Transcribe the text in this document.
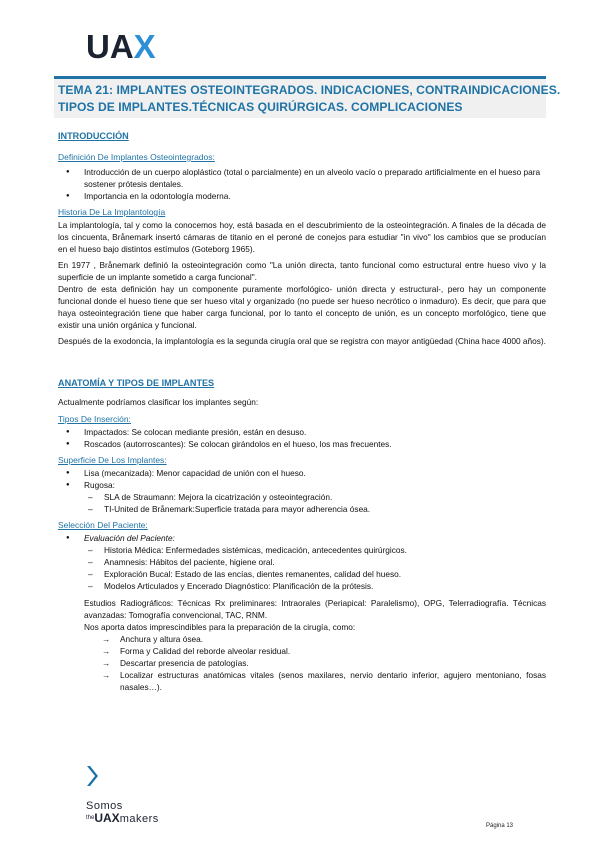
UAX
TEMA 21: IMPLANTES OSTEOINTEGRADOS. INDICACIONES, CONTRAINDICACIONES.
TIPOS DE IMPLANTES.TÉCNICAS QUIRÚRGICAS. COMPLICACIONES
INTRODUCCIÓN
Definición De Implantes Osteointegrados:
● Introducción de un cuerpo aloplástico (total o parcialmente) en un alveolo vacío o preparado artificialmente en el hueso para sostener prótesis dentales.
● Importancia en la odontología moderna.
Historia De La Implantología
La implantología, tal y como la conocemos hoy, está basada en el descubrimiento de la osteointegración. A finales de la década de los cincuenta, Brånemark insertó cámaras de titanio en el peroné de conejos para estudiar "in vivo" los cambios que se producían en el hueso bajo distintos estímulos (Goteborg 1965).
En 1977 , Brånemark definió la osteointegración como "La unión directa, tanto funcional como estructural entre hueso vivo y la superficie de un implante sometido a carga funcional".
Dentro de esta definición hay un componente puramente morfológico- unión directa y estructural-, pero hay un componente funcional donde el hueso tiene que ser hueso vital y organizado (no puede ser hueso necrótico o inmaduro). Es decir, que para que haya osteointegración tiene que haber carga funcional, por lo tanto el concepto de unión, es un concepto morfológico, tiene que existir una unión orgánica y funcional.
Después de la exodoncia, la implantología es la segunda cirugía oral que se registra con mayor antigüedad (China hace 4000 años).
ANATOMÍA Y TIPOS DE IMPLANTES
Actualmente podríamos clasificar los implantes según:
Tipos De Inserción:
● Impactados: Se colocan mediante presión, están en desuso.
● Roscados (autorroscantes): Se colocan girándolos en el hueso, los mas frecuentes.
Superficie De Los Implantes:
● Lisa (mecanizada): Menor capacidad de unión con el hueso.
● Rugosa:
– SLA de Straumann: Mejora la cicatrización y osteointegración.
– TI-United de Brånemark:Superficie tratada para mayor adherencia ósea.
Selección Del Paciente:
● Evaluación del Paciente:
– Historia Médica: Enfermedades sistémicas, medicación, antecedentes quirúrgicos.
– Anamnesis: Hábitos del paciente, higiene oral.
– Exploración Bucal: Estado de las encías, dientes remanentes, calidad del hueso.
– Modelos Articulados y Encerado Diagnóstico: Planificación de la prótesis.
Estudios Radiográficos: Técnicas Rx preliminares: Intraorales (Periapical: Paralelismo), OPG, Telerradiografía. Técnicas avanzadas: Tomografía convencional, TAC, RNM.
Nos aporta datos imprescindibles para la preparación de la cirugía, como:
→ Anchura y altura ósea.
→ Forma y Calidad del reborde alveolar residual.
→ Descartar presencia de patologías.
→ Localizar estructuras anatómicas vitales (senos maxilares, nervio dentario inferior, agujero mentoniano, fosas nasales…).
Somos
$^{the}$UAXmakers
Página 13
